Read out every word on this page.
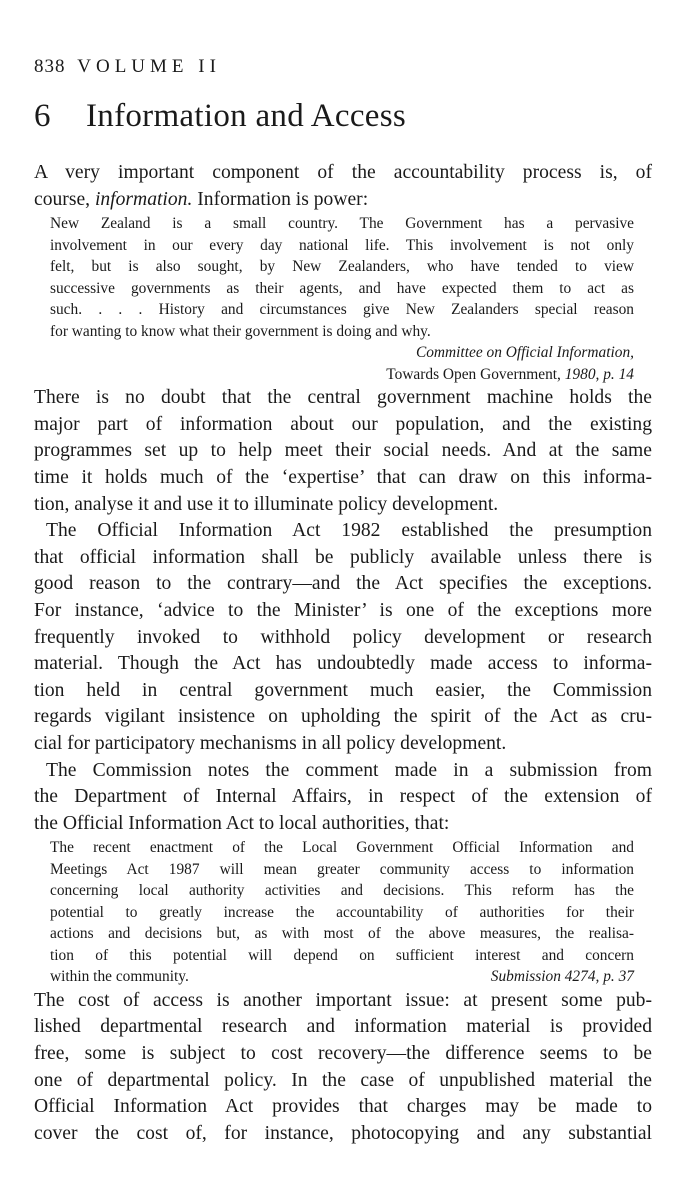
838 VOLUME II
6 Information and Access
A very important component of the accountability process is, of
course, information. Information is power:
New Zealand is a small country. The Government has a pervasive
involvement in our every day national life. This involvement is not only
felt, but is also sought, by New Zealanders, who have tended to view
successive governments as their agents, and have expected them to act as
such. . . . History and circumstances give New Zealanders special reason
for wanting to know what their government is doing and why.
Committee on Official Information,
Towards Open Government, 1980, p. 14
There is no doubt that the central government machine holds the
major part of information about our population, and the existing
programmes set up to help meet their social needs. And at the same
time it holds much of the ‘expertise’ that can draw on this informa-
tion, analyse it and use it to illuminate policy development.
The Official Information Act 1982 established the presumption
that official information shall be publicly available unless there is
good reason to the contrary—and the Act specifies the exceptions.
For instance, ‘advice to the Minister’ is one of the exceptions more
frequently invoked to withhold policy development or research
material. Though the Act has undoubtedly made access to informa-
tion held in central government much easier, the Commission
regards vigilant insistence on upholding the spirit of the Act as cru-
cial for participatory mechanisms in all policy development.
The Commission notes the comment made in a submission from
the Department of Internal Affairs, in respect of the extension of
the Official Information Act to local authorities, that:
The recent enactment of the Local Government Official Information and
Meetings Act 1987 will mean greater community access to information
concerning local authority activities and decisions. This reform has the
potential to greatly increase the accountability of authorities for their
actions and decisions but, as with most of the above measures, the realisa-
tion of this potential will depend on sufficient interest and concern
within the community.	Submission 4274, p. 37
The cost of access is another important issue: at present some pub-
lished departmental research and information material is provided
free, some is subject to cost recovery—the difference seems to be
one of departmental policy. In the case of unpublished material the
Official Information Act provides that charges may be made to
cover the cost of, for instance, photocopying and any substantial
